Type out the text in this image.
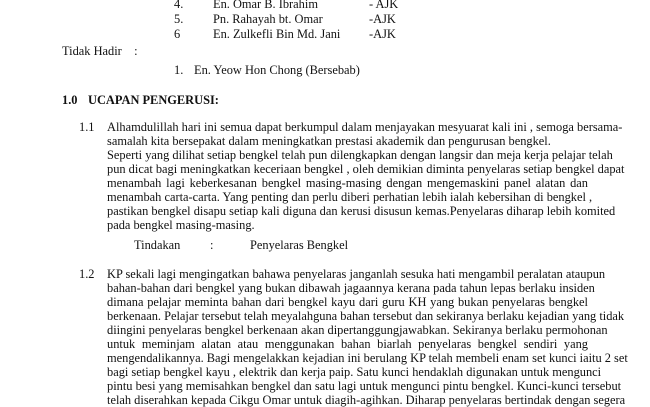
4. En. Omar B. Ibrahim	- AJK
5. Pn. Rahayah bt. Omar	-AJK
6	En. Zulkefli Bin Md. Jani -AJK
Tidak Hadir    :
1. En. Yeow Hon Chong (Bersebab)
1.0 UCAPAN PENGERUSI:
1.1 Alhamdulillah hari ini semua dapat berkumpul dalam menjayakan mesyuarat kali ini , semoga bersama-
samalah kita bersepakat dalam meningkatkan prestasi akademik dan pengurusan bengkel.
Seperti yang dilihat setiap bengkel telah pun dilengkapkan dengan langsir dan meja kerja pelajar telah
pun dicat bagi meningkatkan keceriaan bengkel , oleh demikian diminta penyelaras setiap bengkel dapat
menambah lagi keberkesanan bengkel masing-masing dengan mengemaskini panel alatan dan
menambah carta-carta. Yang penting dan perlu diberi perhatian lebih ialah kebersihan di bengkel ,
pastikan bengkel disapu setiap kali diguna dan kerusi disusun kemas.Penyelaras diharap lebih komited
pada bengkel masing-masing.
Tindakan :	Penyelaras Bengkel
1.2 KP sekali lagi mengingatkan bahawa penyelaras janganlah sesuka hati mengambil peralatan ataupun
bahan-bahan dari bengkel yang bukan dibawah jagaannya kerana pada tahun lepas berlaku insiden
dimana pelajar meminta bahan dari bengkel kayu dari guru KH yang bukan penyelaras bengkel
berkenaan. Pelajar tersebut telah meyalahguna bahan tersebut dan sekiranya berlaku kejadian yang tidak
diingini penyelaras bengkel berkenaan akan dipertanggungjawabkan. Sekiranya berlaku permohonan
untuk meminjam alatan atau menggunakan bahan biarlah penyelaras bengkel sendiri yang
mengendalikannya. Bagi mengelakkan kejadian ini berulang KP telah membeli enam set kunci iaitu 2 set
bagi setiap bengkel kayu , elektrik dan kerja paip. Satu kunci hendaklah digunakan untuk mengunci
pintu besi yang memisahkan bengkel dan satu lagi untuk mengunci pintu bengkel. Kunci-kunci tersebut
telah diserahkan kepada Cikgu Omar untuk diagih-agihkan. Diharap penyelaras bertindak dengan segera
